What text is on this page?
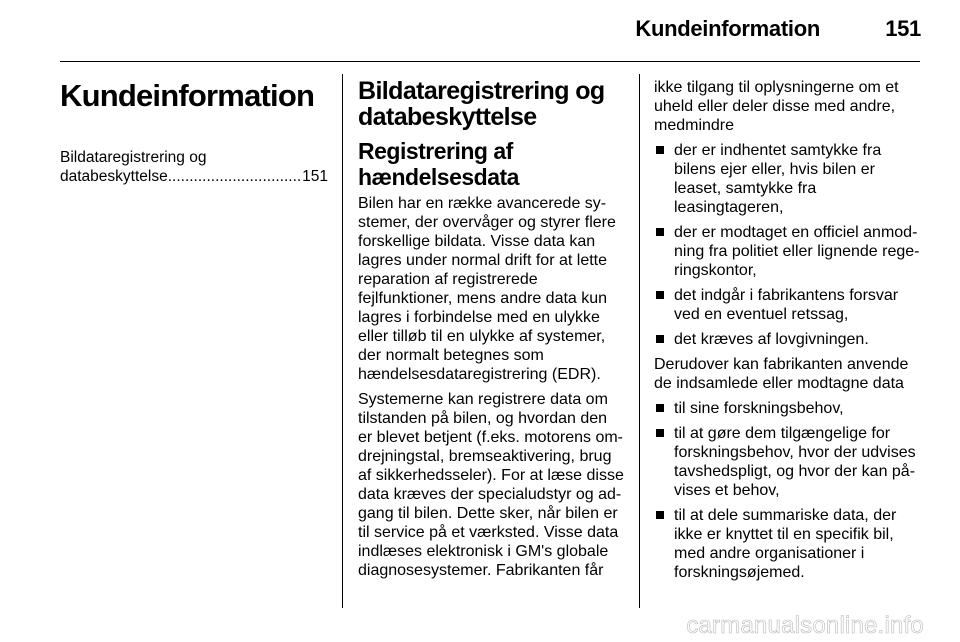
Kundeinformation	151
Kundeinformation
Bildataregistrering og
databeskyttelse
.....	151
Bildataregistrering og databeskyttelse
Registrering af hændelsesdata

Bilen har en række avancerede systemer, der overvåger og styrer flere forskellige bildata. Visse data kan lagres under normal drift for at lette reparation af registrerede fejlfunktioner, mens andre data kun lagres i forbindelse med en ulykke eller tilløb til en ulykke af systemer, der normalt betegnes som hændelsesdataregistrering (EDR).

Systemerne kan registrere data om tilstanden på bilen, og hvordan den er blevet betjent (f.eks. motorens omdrejningstal, bremseaktivering, brug af sikkerhedsseler). For at læse disse data kræves der specialudstyr og adgang til bilen. Dette sker, når bilen er til service på et værksted. Visse data indlæses elektronisk i GM's globale diagnosesystemer. Fabrikanten får

ikke tilgang til oplysningerne om et uheld eller deler disse med andre, medmindre

der er indhentet samtykke fra bilens ejer eller, hvis bilen er leaset, samtykke fra leasingtageren,
der er modtaget en officiel anmodning fra politiet eller lignende regeringskontor,
det indgår i fabrikantens forsvar ved en eventuel retssag,
det kræves af lovgivningen.

Derudover kan fabrikanten anvende de indsamlede eller modtagne data

til sine forskningsbehov,
til at gøre dem tilgængelige for forskningsbehov, hvor der udvises tavshedspligt, og hvor der kan påvises et behov,
til at dele summariske data, der ikke er knyttet til en specifik bil, med andre organisationer i forskningsøjemed.
carmanualsonline.info
